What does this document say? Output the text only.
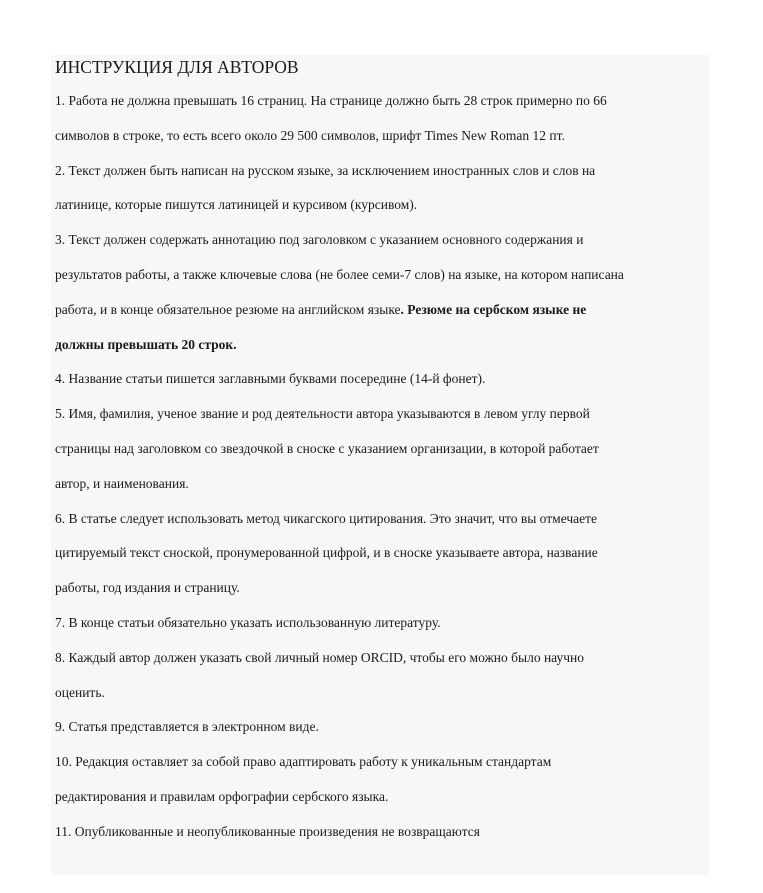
ИНСТРУКЦИЯ ДЛЯ АВТОРОВ
1. Работа не должна превышать 16 страниц. На странице должно быть 28 строк примерно по 66
символов в строке, то есть всего около 29 500 символов, шрифт Times New Roman 12 пт.
2. Текст должен быть написан на русском языке, за исключением иностранных слов и слов на
латинице, которые пишутся латиницей и курсивом (курсивом).
3. Текст должен содержать аннотацию под заголовком с указанием основного содержания и
результатов работы, а также ключевые слова (не более семи-7 слов) на языке, на котором написана
работа, и в конце обязательное резюме на английском языке. Резюме на сербском языке не
должны превышать 20 строк.
4. Название статьи пишется заглавными буквами посередине (14-й фонет).
5. Имя, фамилия, ученое звание и род деятельности автора указываются в левом углу первой
страницы над заголовком со звездочкой в сноске с указанием организации, в которой работает
автор, и наименования.
6. В статье следует использовать метод чикагского цитирования. Это значит, что вы отмечаете
цитируемый текст сноской, пронумерованной цифрой, и в сноске указываете автора, название
работы, год издания и страницу.
7. В конце статьи обязательно указать использованную литературу.
8. Каждый автор должен указать свой личный номер ORCID, чтобы его можно было научно
оценить.
9. Статья представляется в электронном виде.
10. Редакция оставляет за собой право адаптировать работу к уникальным стандартам
редактирования и правилам орфографии сербского языка.
11. Опубликованные и неопубликованные произведения не возвращаются
